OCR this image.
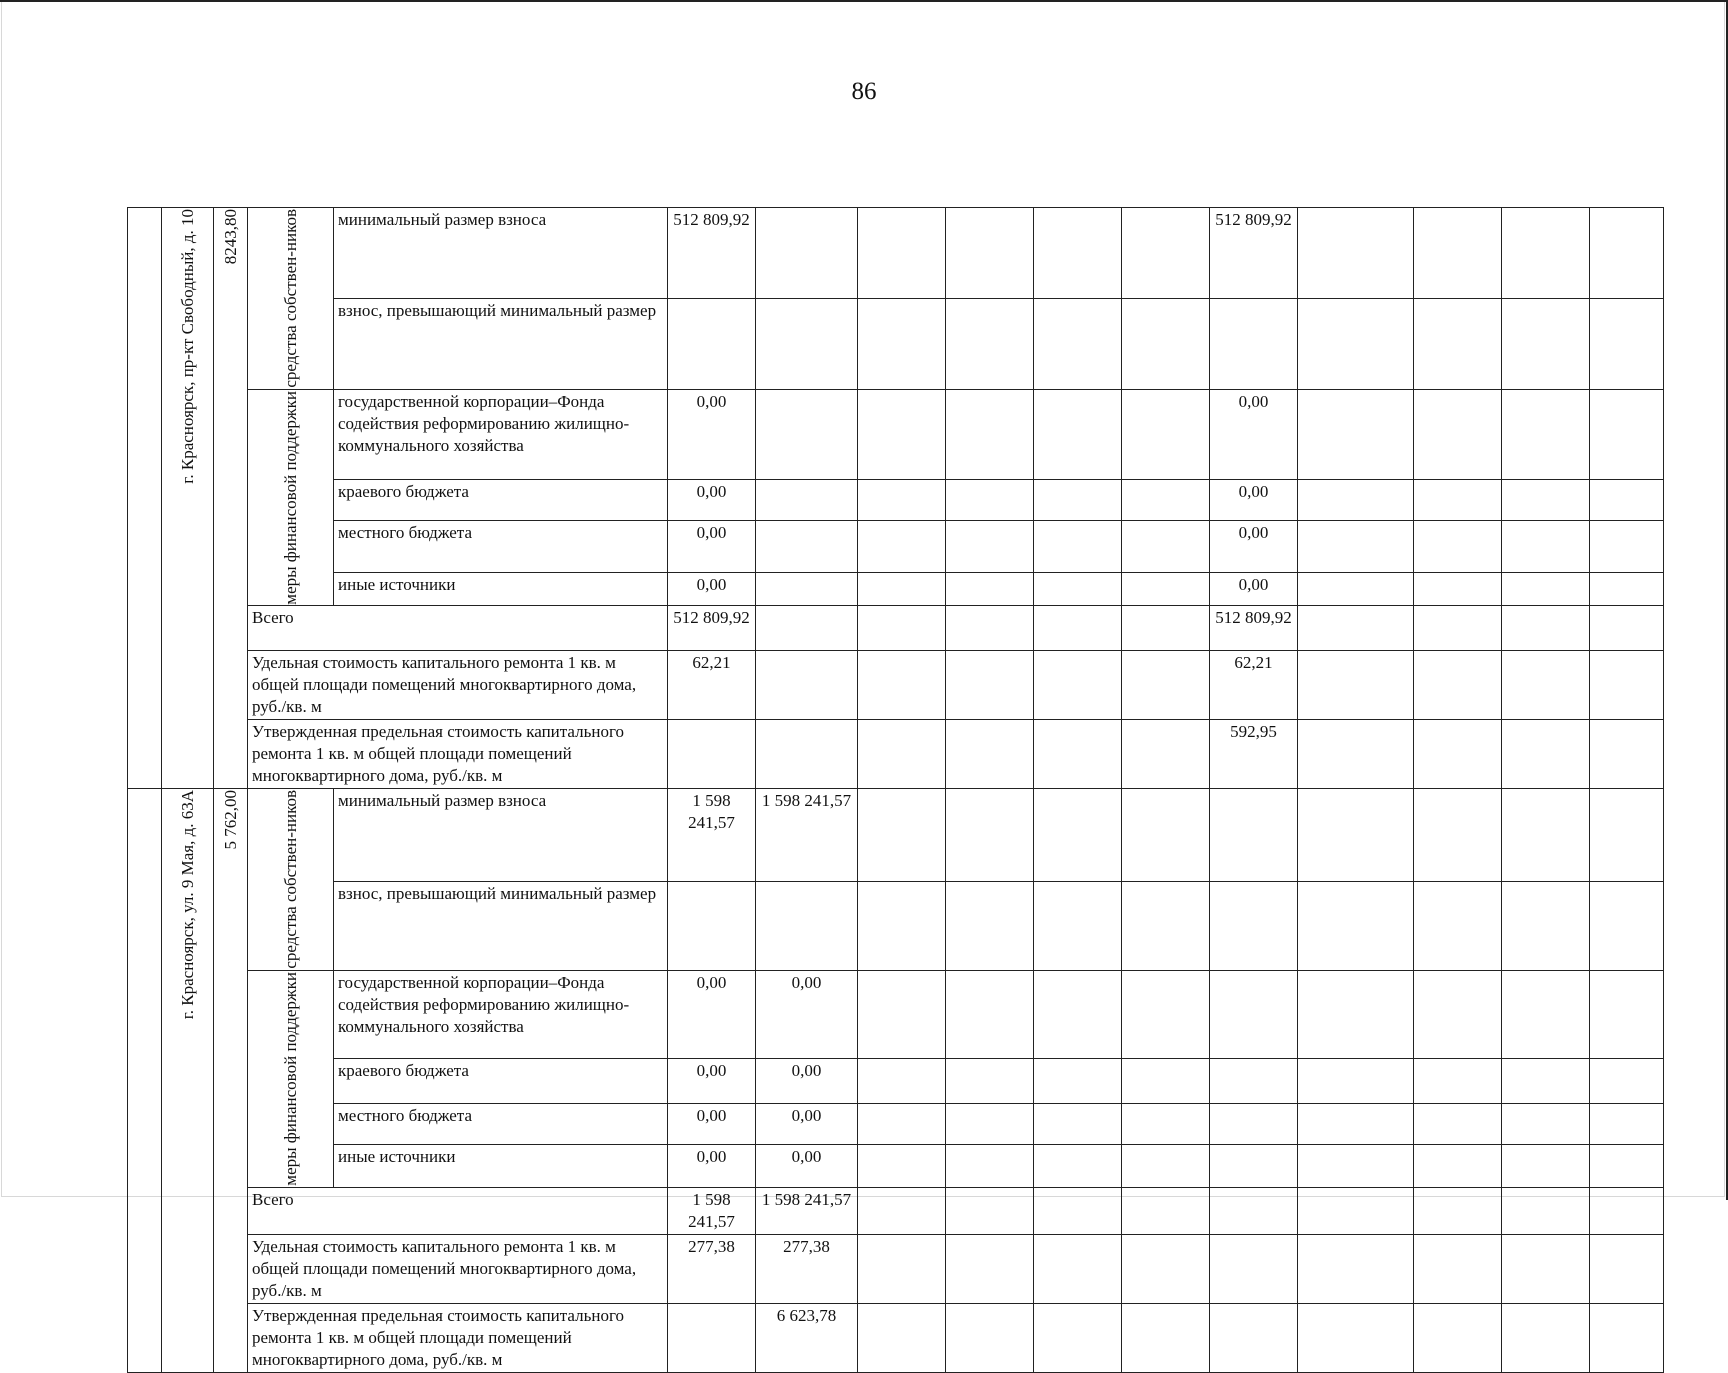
86

	г. Красноярск, пр-кт Свободный, д. 10	8243,80	средства собствен-ников	минимальный размер взноса	512 809,92						512 809,92				
				взнос, превышающий минимальный размер											

			меры финансовой поддержки	государственной корпорации–Фонда содействия реформированию жилищно-коммунального хозяйства	0,00						0,00				
				краевого бюджета	0,00						0,00				
				местного бюджета	0,00						0,00				
				иные источники	0,00						0,00				
			Всего		512 809,92						512 809,92				
			Удельная стоимость капитального ремонта 1 кв. м общей площади помещений многоквартирного дома, руб./кв. м		62,21						62,21				
			Утвержденная предельная стоимость капитального ремонта 1 кв. м общей площади помещений многоквартирного дома, руб./кв. м								592,95				

	г. Красноярск, ул. 9 Мая, д. 63А	5 762,00	средства собствен-ников	минимальный размер взноса	1 598 241,57	1 598 241,57									
				взнос, превышающий минимальный размер											

			меры финансовой поддержки	государственной корпорации–Фонда содействия реформированию жилищно-коммунального хозяйства	0,00	0,00									
				краевого бюджета	0,00	0,00									
				местного бюджета	0,00	0,00									
				иные источники	0,00	0,00									
			Всего		1 598 241,57	1 598 241,57									
			Удельная стоимость капитального ремонта 1 кв. м общей площади помещений многоквартирного дома, руб./кв. м		277,38	277,38									
			Утвержденная предельная стоимость капитального ремонта 1 кв. м общей площади помещений многоквартирного дома, руб./кв. м			6 623,78									
